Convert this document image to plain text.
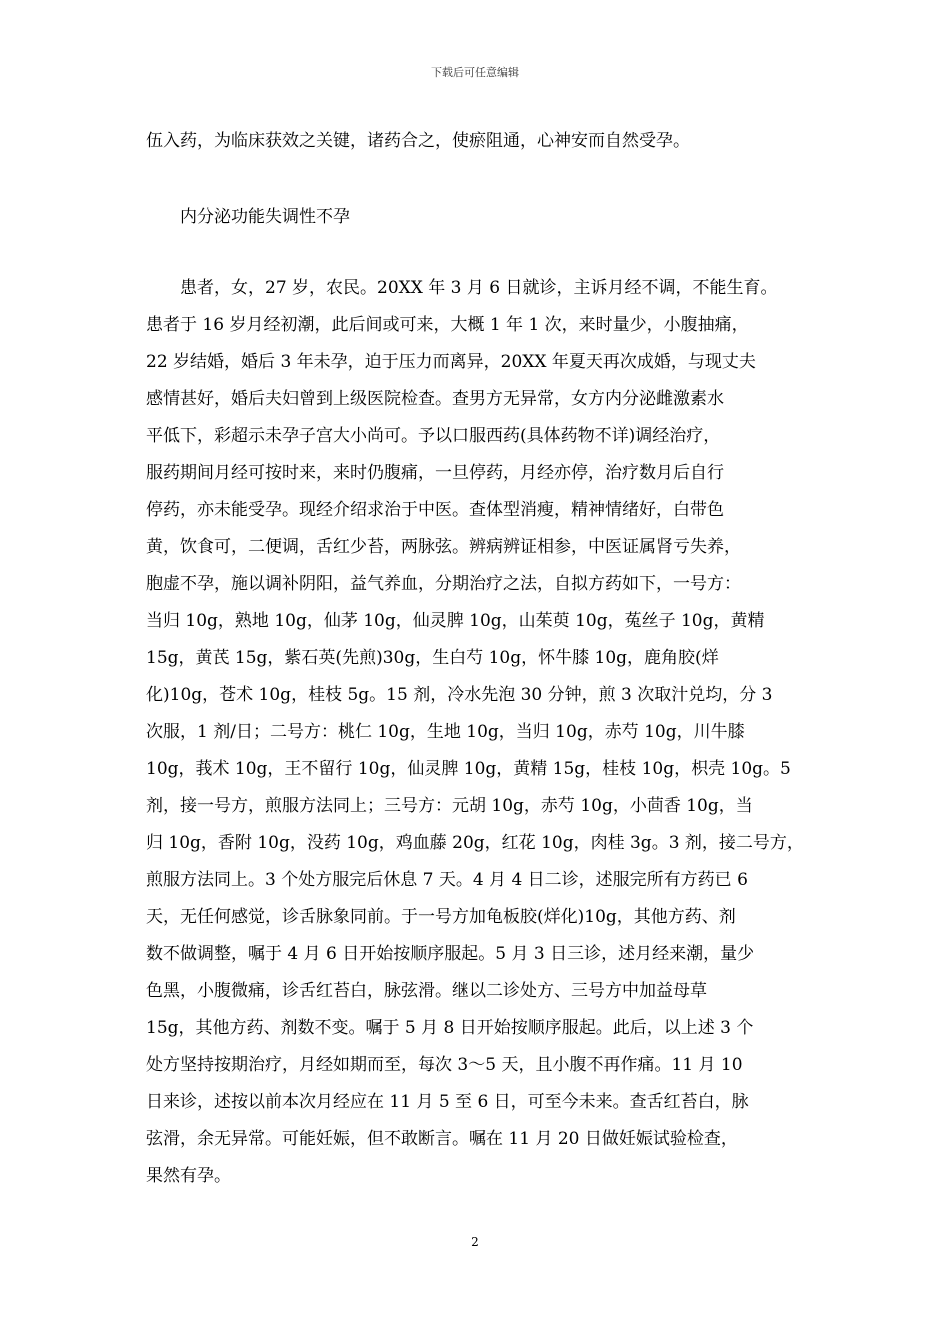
下载后可任意编辑
伍入药，为临床获效之关键，诸药合之，使瘀阻通，心神安而自然受孕。
内分泌功能失调性不孕
患者，女，27 岁，农民。20XX 年 3 月 6 日就诊，主诉月经不调，不能生育。
患者于 16 岁月经初潮，此后间或可来，大概 1 年 1 次，来时量少，小腹抽痛，
22 岁结婚，婚后 3 年未孕，迫于压力而离异，20XX 年夏天再次成婚，与现丈夫
感情甚好，婚后夫妇曾到上级医院检查。查男方无异常，女方内分泌雌激素水
平低下，彩超示未孕子宫大小尚可。予以口服西药(具体药物不详)调经治疗，
服药期间月经可按时来，来时仍腹痛，一旦停药，月经亦停，治疗数月后自行
停药，亦未能受孕。现经介绍求治于中医。查体型消瘦，精神情绪好，白带色
黄，饮食可，二便调，舌红少苔，两脉弦。辨病辨证相参，中医证属肾亏失养，
胞虚不孕，施以调补阴阳，益气养血，分期治疗之法，自拟方药如下，一号方：
当归 10g，熟地 10g，仙茅 10g，仙灵脾 10g，山茱萸 10g，菟丝子 10g，黄精
15g，黄芪 15g，紫石英(先煎)30g，生白芍 10g，怀牛膝 10g，鹿角胶(烊
化)10g，苍术 10g，桂枝 5g。15 剂，冷水先泡 30 分钟，煎 3 次取汁兑均，分 3
次服，1 剂/日；二号方：桃仁 10g，生地 10g，当归 10g，赤芍 10g，川牛膝
10g，莪术 10g，王不留行 10g，仙灵脾 10g，黄精 15g，桂枝 10g，枳壳 10g。5
剂，接一号方，煎服方法同上；三号方：元胡 10g，赤芍 10g，小茴香 10g，当
归 10g，香附 10g，没药 10g，鸡血藤 20g，红花 10g，肉桂 3g。3 剂，接二号方，
煎服方法同上。3 个处方服完后休息 7 天。4 月 4 日二诊，述服完所有方药已 6
天，无任何感觉，诊舌脉象同前。于一号方加龟板胶(烊化)10g，其他方药、剂
数不做调整，嘱于 4 月 6 日开始按顺序服起。5 月 3 日三诊，述月经来潮，量少
色黑，小腹微痛，诊舌红苔白，脉弦滑。继以二诊处方、三号方中加益母草
15g，其他方药、剂数不变。嘱于 5 月 8 日开始按顺序服起。此后，以上述 3 个
处方坚持按期治疗，月经如期而至，每次 3～5 天，且小腹不再作痛。11 月 10
日来诊，述按以前本次月经应在 11 月 5 至 6 日，可至今未来。查舌红苔白，脉
弦滑，余无异常。可能妊娠，但不敢断言。嘱在 11 月 20 日做妊娠试验检查，
果然有孕。
2
